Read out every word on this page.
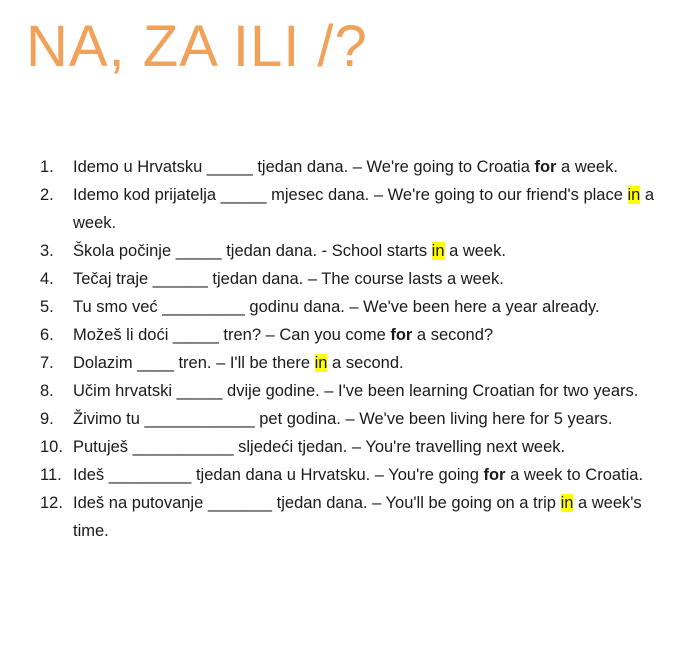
NA, ZA ILI /?
1.	Idemo u Hrvatsku _____ tjedan dana. – We're going to Croatia for a week.
2.	Idemo kod prijatelja _____ mjesec dana. – We're going to our friend's place in a week.
3.	Škola počinje _____ tjedan dana. - School starts in a week.
4.	Tečaj traje ______ tjedan dana. – The course lasts a week.
5.	Tu smo već _________ godinu dana. – We've been here a year already.
6.	Možeš li doći _____ tren? – Can you come for a second?
7.	Dolazim ____ tren. – I'll be there in a second.
8.	Učim hrvatski _____ dvije godine. – I've been learning Croatian for two years.
9.	Živimo tu ____________ pet godina. – We've been living here for 5 years.
10. Putuješ ___________ sljedeći tjedan. – You're travelling next week.
11. Ideš _________ tjedan dana u Hrvatsku. – You're going for a week to Croatia.
12. Ideš na putovanje _______ tjedan dana. – You'll be going on a trip in a week's time.
